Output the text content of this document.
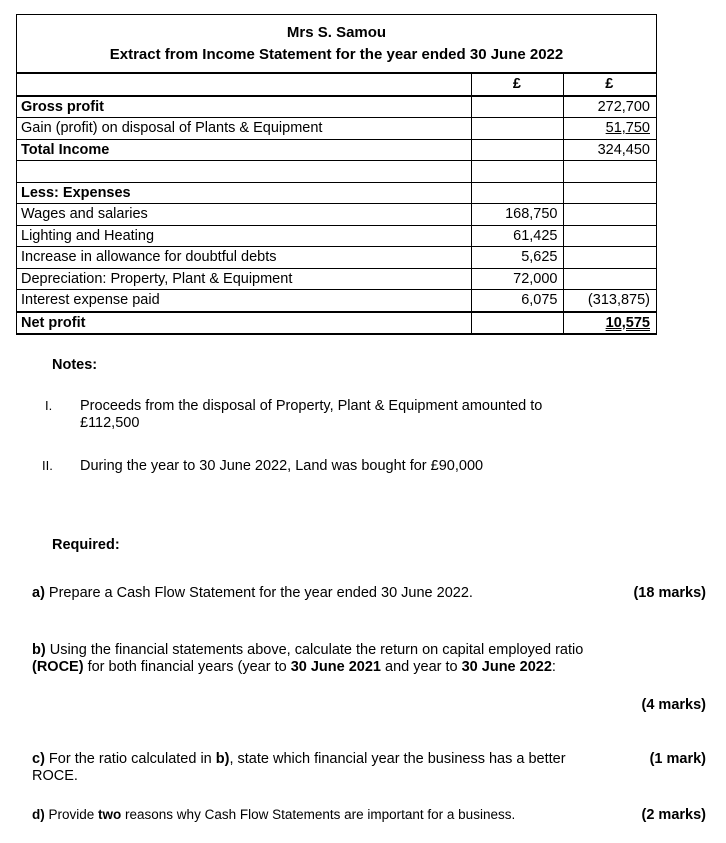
Mrs S. Samou
Extract from Income Statement for the year ended 30 June 2022		

	£	£
Gross profit		272,700
Gain (profit) on disposal of Plants & Equipment		51,750
Total Income		324,450

Less: Expenses		
Wages and salaries	168,750	
Lighting and Heating	61,425	
Increase in allowance for doubtful debts	5,625	
Depreciation: Property, Plant & Equipment	72,000	
Interest expense paid	6,075	(313,875)
Net profit		10,575
Notes:
I. Proceeds from the disposal of Property, Plant & Equipment amounted to £112,500
II. During the year to 30 June 2022, Land was bought for £90,000
Required:
a) Prepare a Cash Flow Statement for the year ended 30 June 2022.	(18 marks)
b) Using the financial statements above, calculate the return on capital employed ratio (ROCE) for both financial years (year to 30 June 2021 and year to 30 June 2022:
(4 marks)
c) For the ratio calculated in b), state which financial year the business has a better ROCE.
(1 mark)
d) Provide two reasons why Cash Flow Statements are important for a business.	(2 marks)
